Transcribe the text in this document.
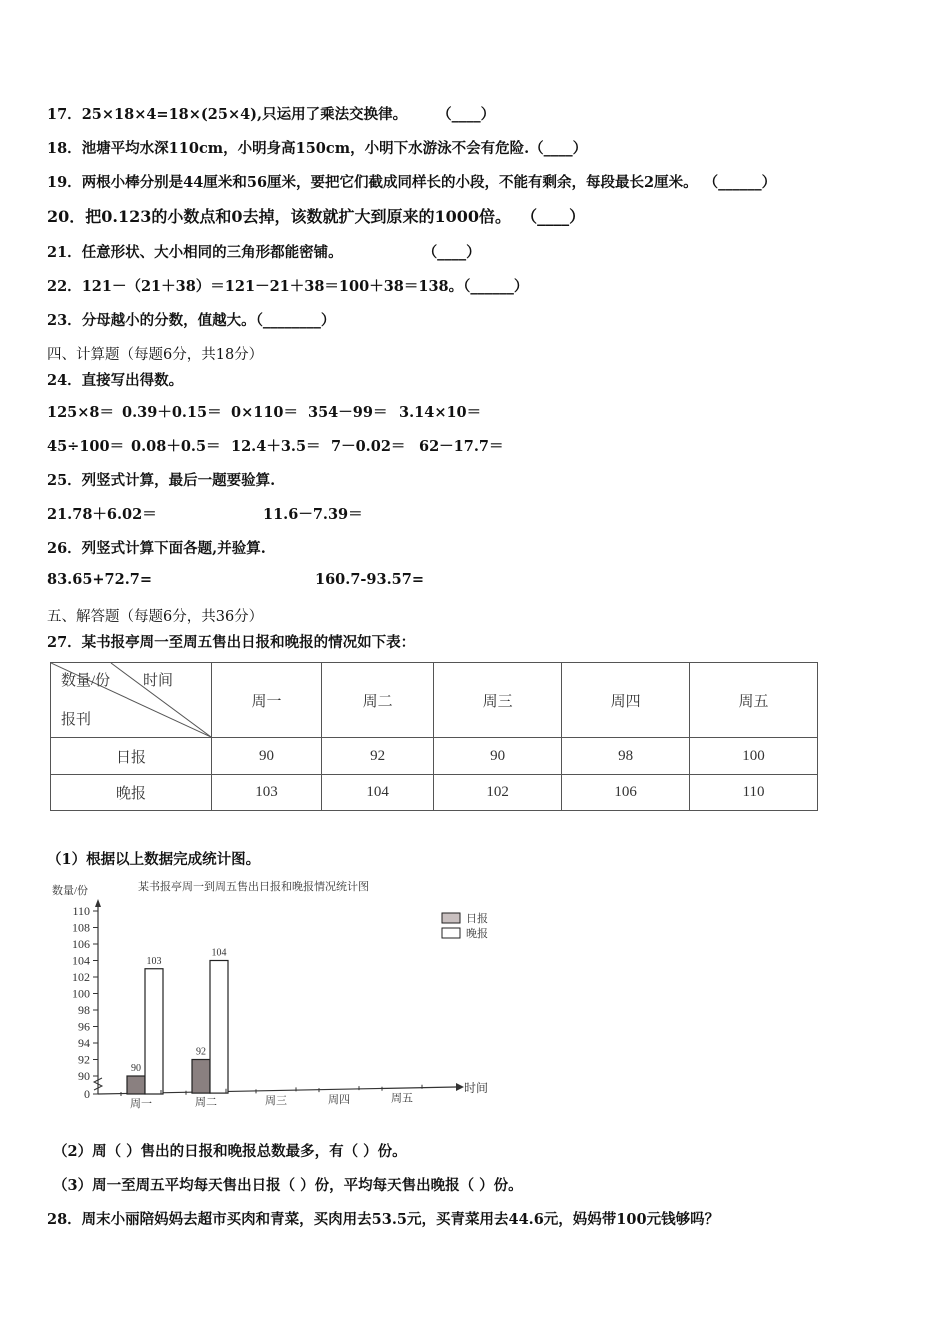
17．25×18×4=18×(25×4),只运用了乘法交换律。 （____）
18．池塘平均水深110cm，小明身高150cm，小明下水游泳不会有危险.（____）
19．两根小棒分别是44厘米和56厘米，要把它们截成同样长的小段，不能有剩余，每段最长2厘米。 （______）
20．把0.123的小数点和0去掉，该数就扩大到原来的1000倍。 （____）
21．任意形状、大小相同的三角形都能密铺。	（____）
22．121－（21＋38）＝121－21＋38＝100＋38＝138。（______）
23．分母越小的分数，值越大。（________）
四、计算题（每题6分，共18分）
24．直接写出得数。
125×8＝ 0.39＋0.15＝ 0×110＝ 354－99＝ 3.14×10＝
45÷100＝ 0.08＋0.5＝ 12.4＋3.5＝ 7－0.02＝ 62－17.7＝
25．列竖式计算，最后一题要验算.
21.78＋6.02＝	11.6－7.39＝
26．列竖式计算下面各题,并验算.
83.65+72.7=	160.7-93.57=
五、解答题（每题6分，共36分）
27．某书报亭周一至周五售出日报和晚报的情况如下表：
数量/份 时间
报刊	周一	周二	周三	周四	周五
日报	90	92	90	98	100
晚报	103	104	102	106	110
（1）根据以上数据完成统计图。
某书报亭周一到周五售出日报和晚报情况统计图
数量/份
时间
0
90
92
94
96
98
100
102
104
106
108
110
90
103
92
104
周一	周二	周三	周四	周五
日报
晚报
（2）周（ ）售出的日报和晚报总数最多，有（ ）份。
（3）周一至周五平均每天售出日报（ ）份，平均每天售出晚报（ ）份。
28．周末小丽陪妈妈去超市买肉和青菜，买肉用去53.5元，买青菜用去44.6元，妈妈带100元钱够吗？
